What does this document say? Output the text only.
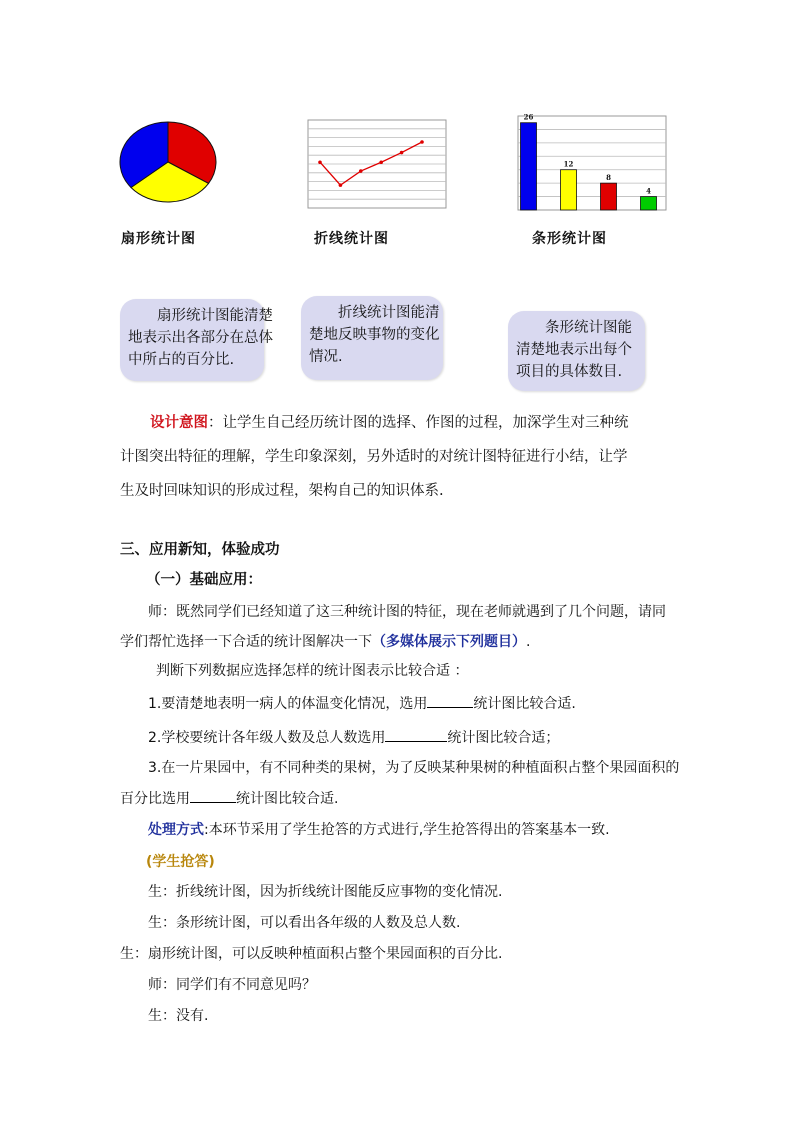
26
12
8
4
扇形统计图	折线统计图	条形统计图
扇形统计图能清楚
地表示出各部分在总体
中所占的百分比.
折线统计图能清
楚地反映事物的变化
情况.
条形统计图能
清楚地表示出每个
项目的具体数目.
设计意图：让学生自己经历统计图的选择、作图的过程，加深学生对三种统
计图突出特征的理解，学生印象深刻，另外适时的对统计图特征进行小结，让学
生及时回味知识的形成过程，架构自己的知识体系.
三、应用新知，体验成功
（一）基础应用：
师：既然同学们已经知道了这三种统计图的特征，现在老师就遇到了几个问题，请同
学们帮忙选择一下合适的统计图解决一下（多媒体展示下列题目）.
判断下列数据应选择怎样的统计图表示比较合适 ：
1.要清楚地表明一病人的体温变化情况，选用	统计图比较合适.
2.学校要统计各年级人数及总人数选用	统计图比较合适；
3.在一片果园中，有不同种类的果树，为了反映某种果树的种植面积占整个果园面积的
百分比选用	统计图比较合适.
处理方式:本环节采用了学生抢答的方式进行,学生抢答得出的答案基本一致.
(学生抢答)
生：折线统计图，因为折线统计图能反应事物的变化情况.
生：条形统计图，可以看出各年级的人数及总人数.
生：扇形统计图，可以反映种植面积占整个果园面积的百分比.
师：同学们有不同意见吗？
生：没有.
